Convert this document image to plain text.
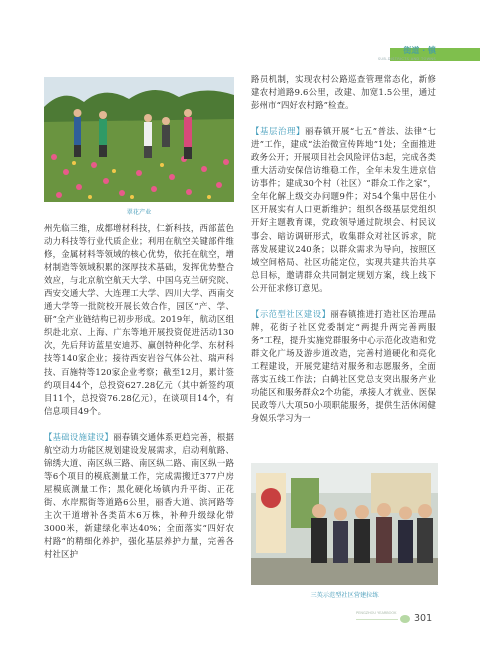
街道 · 镇
SUB-DISTRICTS AND TOWNS
翠花产业

州先临三维，成都增材科技，仁新科技，西部蓝色动力科技等行业代质企业；利用在航空关键部件维修，金属材料等领域的核心优势，依托在航空，增材制造等领域积累的深厚技术基础，发挥优势整合效应，与北京航空航天大学、中国乌克兰研究院、西安交通大学、大连理工大学、四川大学、西南交通大学等一批院校开展长效合作，园区“产、学、研”全产业链结构已初步形成。2019年，航动区组织赴北京、上海、广东等地开展投资促进活动130次，先后拜访蓝星安迪苏、赢创特种化学、东材科技等140家企业；接待西安岩谷气体公社、瑞声科技、百施特等120家企业考察；截至12月，累计签约项目44个，总投资627.28亿元（其中新签约项目11个，总投资76.28亿元），在谈项目14个，有信息项目49个。

【基础设施建设】丽春镇交通体系更趋完善，根据航空动力功能区规划建设发展需求，启动利航路、锦绣大道、南区纵三路、南区纵二路、南区纵一路等6个项目的模底测量工作，完成需搬迁377户房屋模底测量工作；黑化硬化场镇内升平街、正花街、水岸熙街等道路6公里，丽香大道、滨河路等主次干道增补各类苗木6万株，补种升级绿化带3000米，新建绿化率达40%；全面落实“四好农村路”的精细化养护，强化基层养护力量，完善各村社区护

路员机制，实现农村公路巡查管理常态化，新修建农村道路9.6公里，改建、加宽1.5公里，通过彭州市“四好农村路”检查。

【基层治理】丽春镇开展“七五”普法、法律“七进”工作，建成“法治微宣传阵地”1处；全面推进政务公开；开展项目社会风险评估3起，完成各类重大活动安保信访维稳工作，全年未发生进京信访事件；建成30个村（社区）“群众工作之家”，全年化解上级交办问题9件；对54个集中居住小区开展实有人口更新维护；组织各级基层党组织开好主题教育课，党政领导通过院坝会、村民议事会、暗访调研形式，收集群众对社区诉求，院落发展建议240条；以群众需求为导向，按照区域空间格局、社区功能定位，实现共建共治共享总目标，邀请群众共同制定规划方案，线上线下公开征求修订意见。

【示范型社区建设】丽春镇推进打造社区治理品牌，花街子社区党委制定“两提升两完善两服务”工程，提升实施党群服务中心示范化改造和党群文化广场及游步道改造，完善村道硬化和亮化工程建设，开展党建结对服务和志愿服务，全面落实五线工作法；白鹤社区党总支突出服务产业功能区和服务群众2个功能，承接人才就业、医保民政等八大项50小项职能服务，提供生活休闲健身娱乐学习为一

三英示范型社区营建拉练
PENGZHOU YEARBOOK 301
